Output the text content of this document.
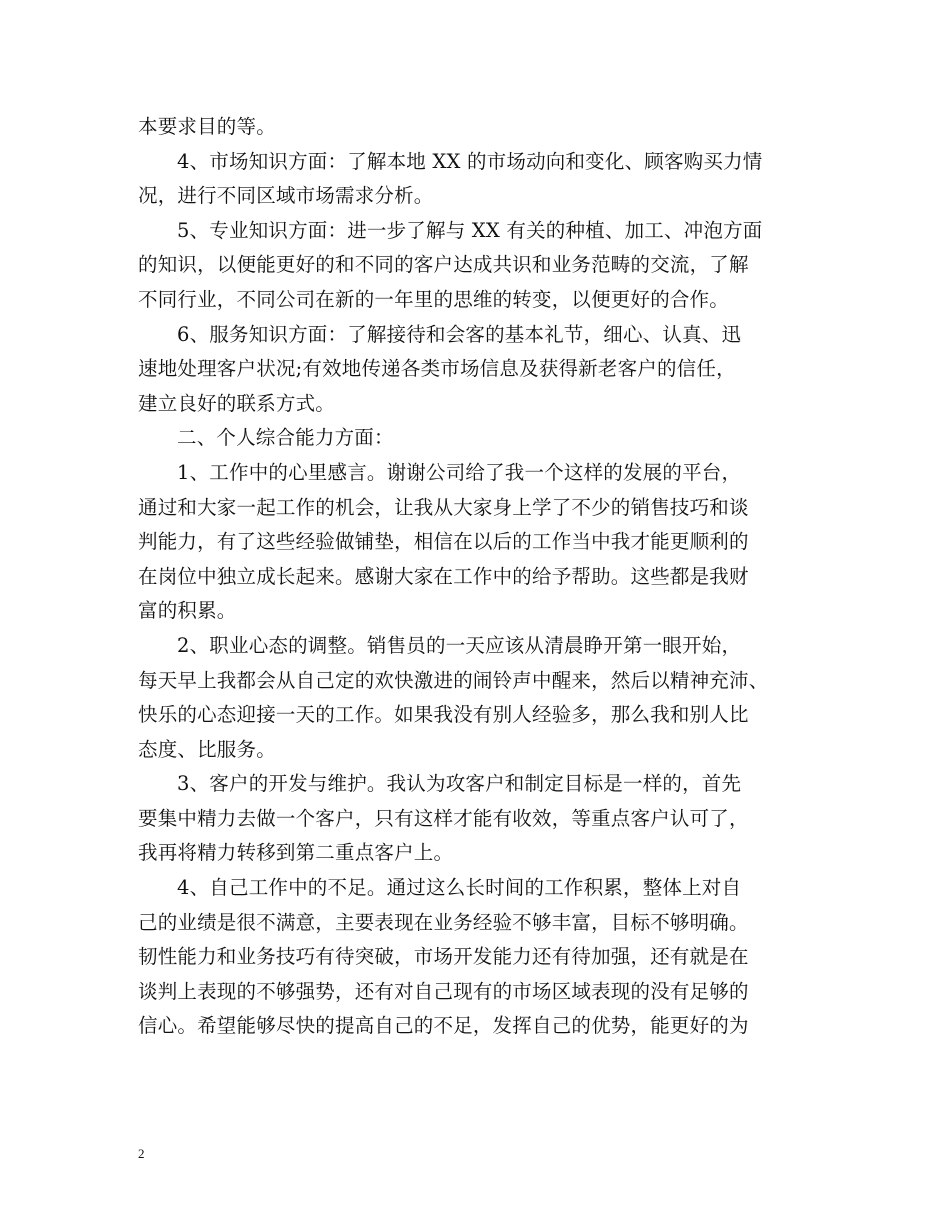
本要求目的等。
4、市场知识方面：了解本地 XX 的市场动向和变化、顾客购买力情
况，进行不同区域市场需求分析。
5、专业知识方面：进一步了解与 XX 有关的种植、加工、冲泡方面
的知识，以便能更好的和不同的客户达成共识和业务范畴的交流，了解
不同行业，不同公司在新的一年里的思维的转变，以便更好的合作。
6、服务知识方面：了解接待和会客的基本礼节，细心、认真、迅
速地处理客户状况;有效地传递各类市场信息及获得新老客户的信任，
建立良好的联系方式。
二、个人综合能力方面：
1、工作中的心里感言。谢谢公司给了我一个这样的发展的平台，
通过和大家一起工作的机会，让我从大家身上学了不少的销售技巧和谈
判能力，有了这些经验做铺垫，相信在以后的工作当中我才能更顺利的
在岗位中独立成长起来。感谢大家在工作中的给予帮助。这些都是我财
富的积累。
2、职业心态的调整。销售员的一天应该从清晨睁开第一眼开始，
每天早上我都会从自己定的欢快激进的闹铃声中醒来，然后以精神充沛、
快乐的心态迎接一天的工作。如果我没有别人经验多，那么我和别人比
态度、比服务。
3、客户的开发与维护。我认为攻客户和制定目标是一样的，首先
要集中精力去做一个客户，只有这样才能有收效，等重点客户认可了，
我再将精力转移到第二重点客户上。
4、自己工作中的不足。通过这么长时间的工作积累，整体上对自
己的业绩是很不满意，主要表现在业务经验不够丰富，目标不够明确。
韧性能力和业务技巧有待突破，市场开发能力还有待加强，还有就是在
谈判上表现的不够强势，还有对自己现有的市场区域表现的没有足够的
信心。希望能够尽快的提高自己的不足，发挥自己的优势，能更好的为
2
